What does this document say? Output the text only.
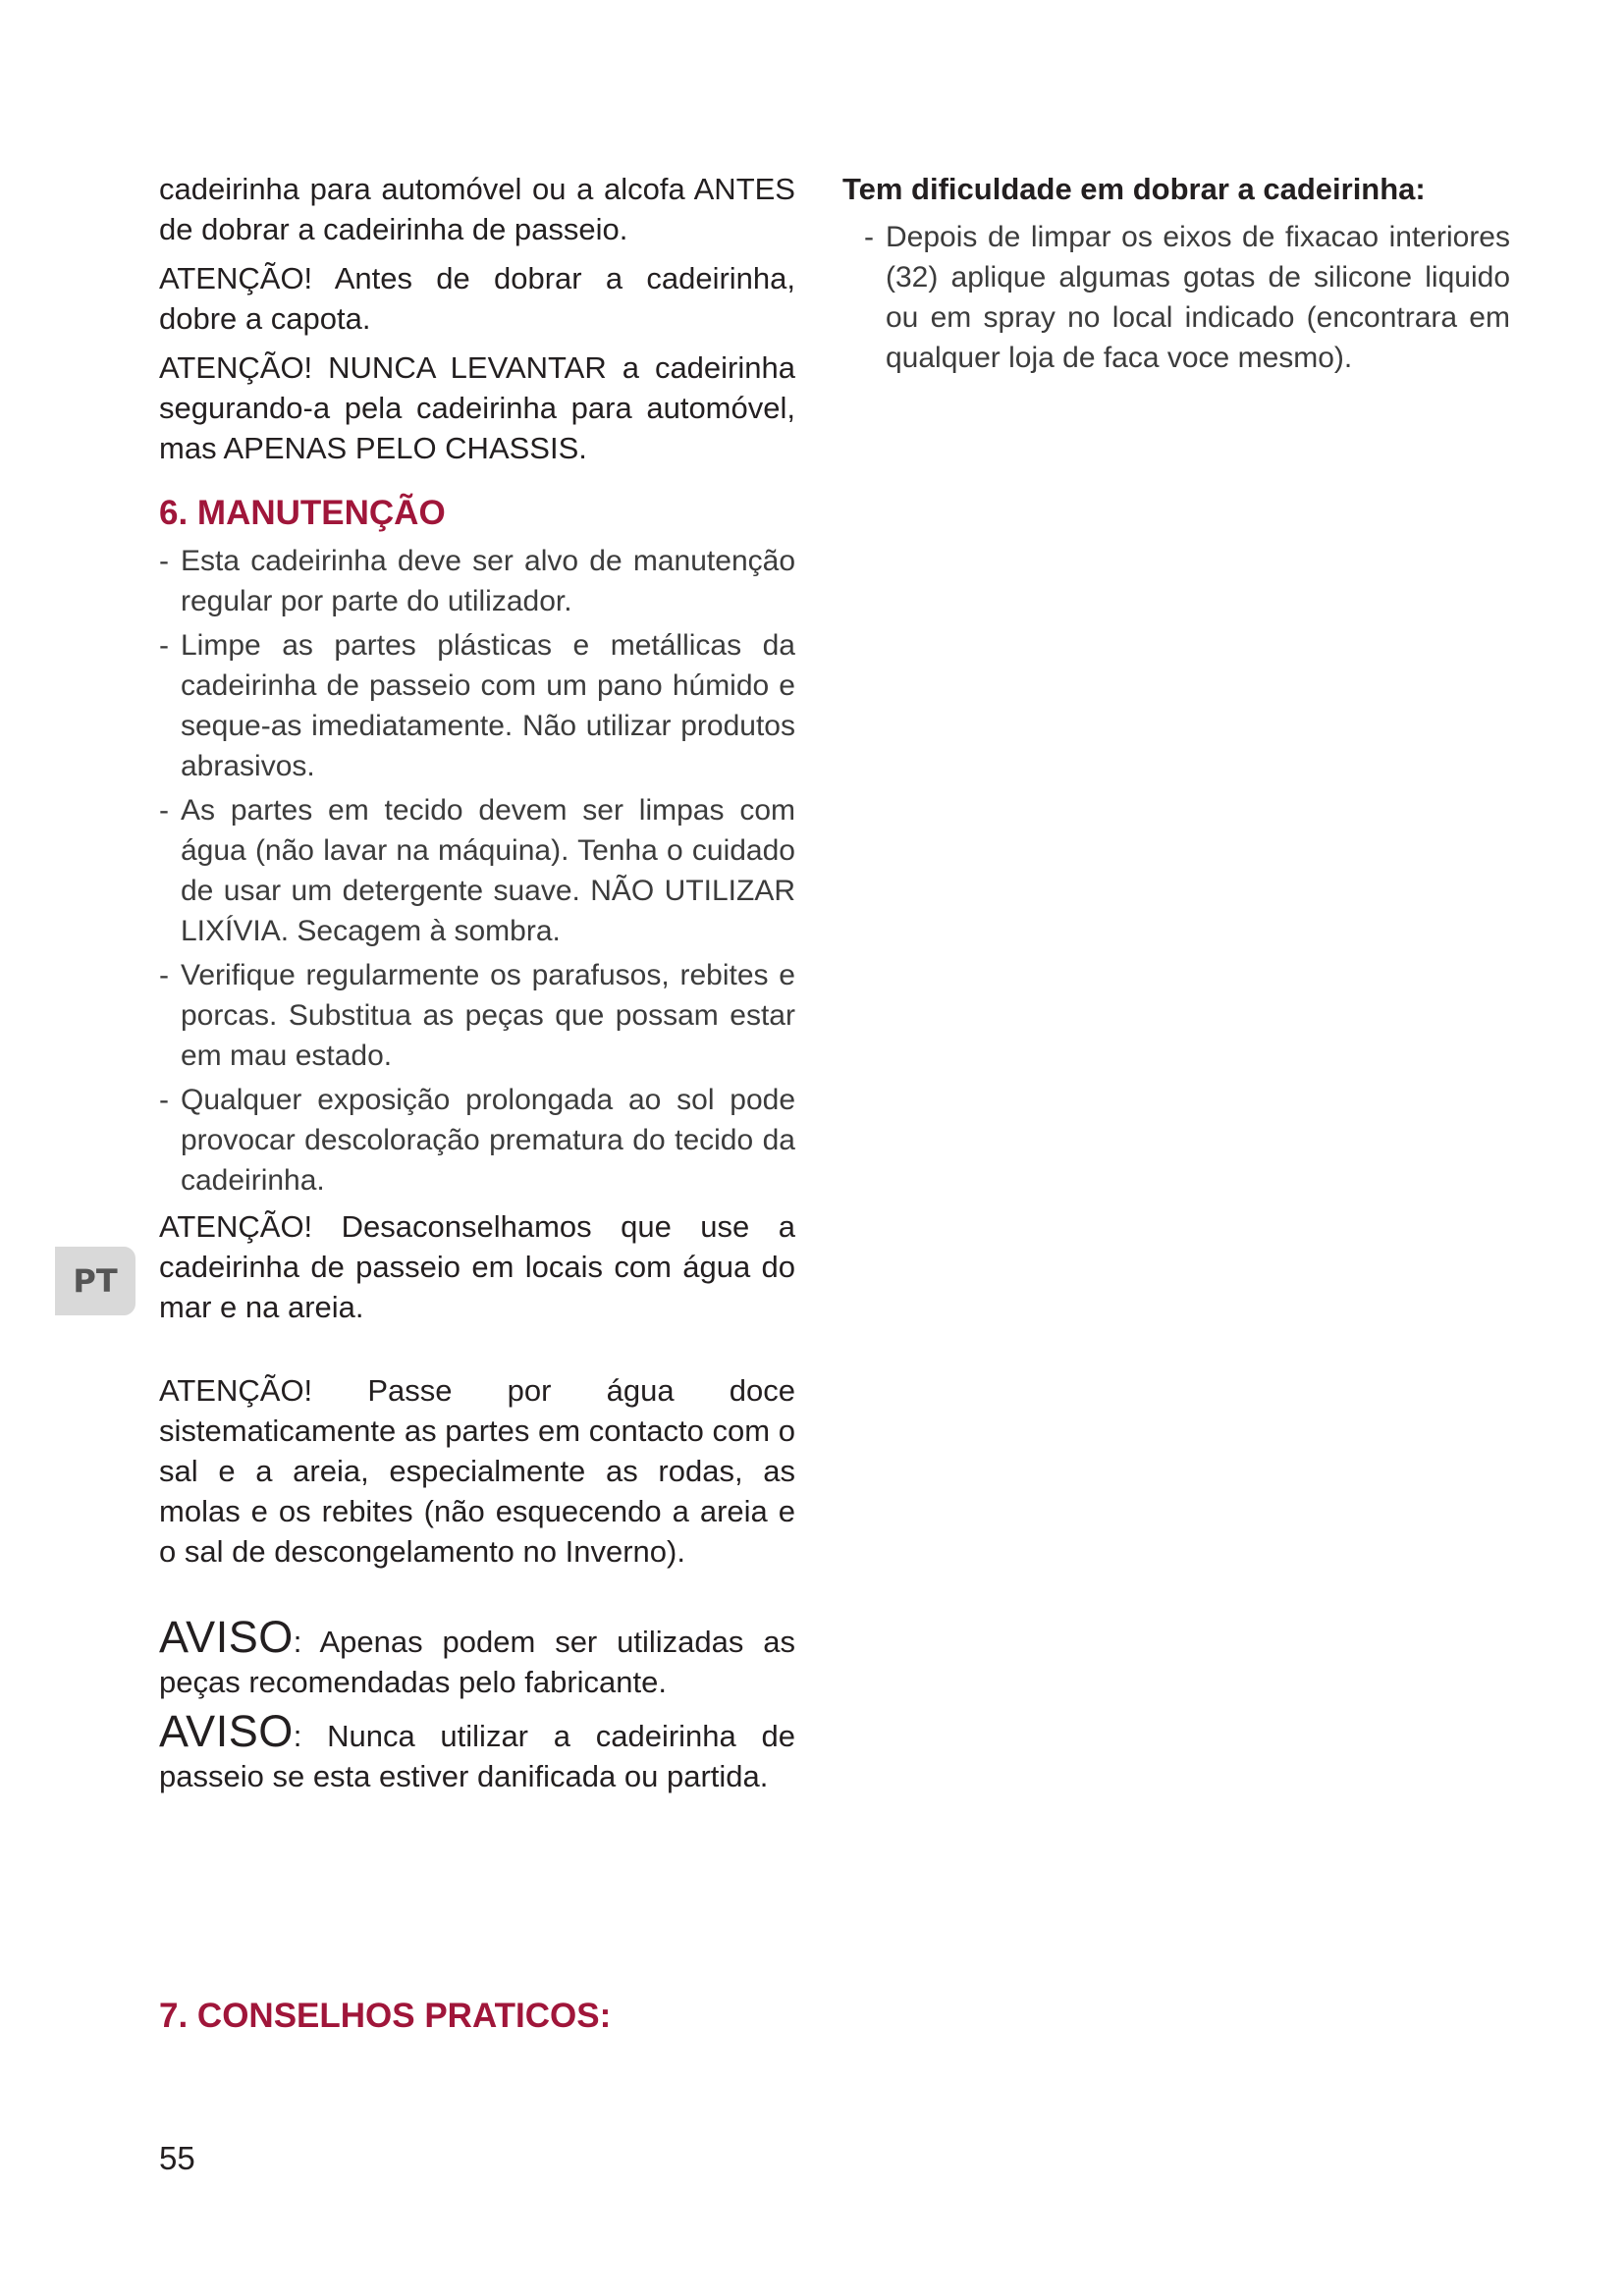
cadeirinha para automóvel ou a alcofa ANTES de dobrar a cadeirinha de passeio.

ATENÇÃO! Antes de dobrar a cadeirinha, dobre a capota.

ATENÇÃO! NUNCA LEVANTAR a cadeirinha segurando-a pela cadeirinha para automóvel, mas APENAS PELO CHASSIS.

6. MANUTENÇÃO
- Esta cadeirinha deve ser alvo de manutenção regular por parte do utilizador.
- Limpe as partes plásticas e metállicas da cadeirinha de passeio com um pano húmido e seque-as imediatamente. Não utilizar produtos abrasivos.
- As partes em tecido devem ser limpas com água (não lavar na máquina). Tenha o cuidado de usar um detergente suave. NÃO UTILIZAR LIXÍVIA. Secagem à sombra.
- Verifique regularmente os parafusos, rebites e porcas. Substitua as peças que possam estar em mau estado.
- Qualquer exposição prolongada ao sol pode provocar descoloração prematura do tecido da cadeirinha.

ATENÇÃO! Desaconselhamos que use a cadeirinha de passeio em locais com água do mar e na areia.

ATENÇÃO! Passe por água doce sistematicamente as partes em contacto com o sal e a areia, especialmente as rodas, as molas e os rebites (não esquecendo a areia e o sal de descongelamento no Inverno).

AVISO: Apenas podem ser utilizadas as peças recomendadas pelo fabricante.

AVISO: Nunca utilizar a cadeirinha de passeio se esta estiver danificada ou partida.

7. CONSELHOS PRATICOS:

Tem dificuldade em dobrar a cadeirinha:

- Depois de limpar os eixos de fixacao interiores (32) aplique algumas gotas de silicone liquido ou em spray no local indicado (encontrara em qualquer loja de faca voce mesmo).
PT
55
